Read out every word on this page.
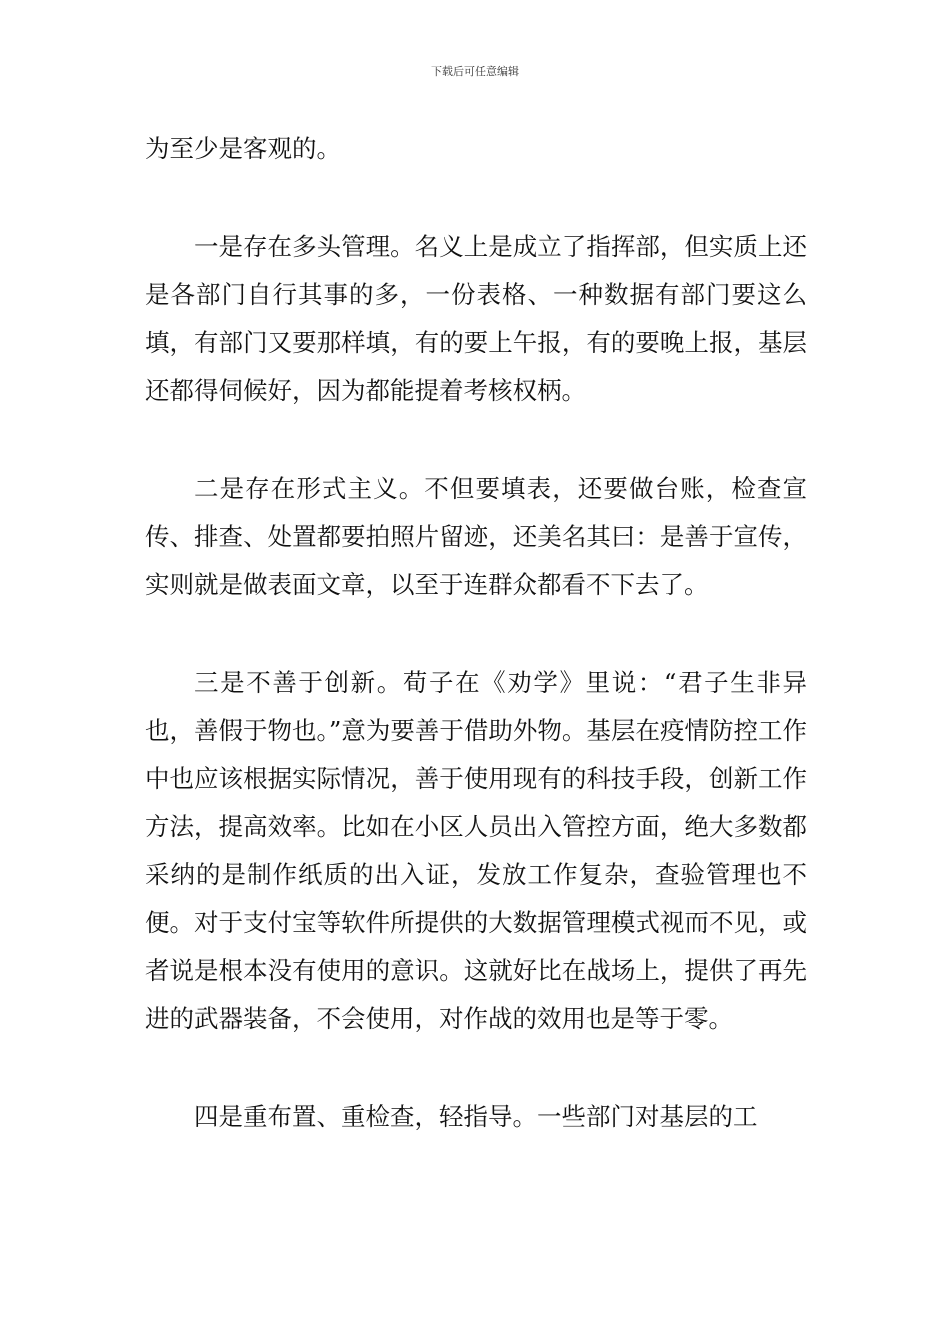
下载后可任意编辑

为至少是客观的。

一是存在多头管理。名义上是成立了指挥部，但实质上还是各部门自行其事的多，一份表格、一种数据有部门要这么填，有部门又要那样填，有的要上午报，有的要晚上报，基层还都得伺候好，因为都能提着考核权柄。

二是存在形式主义。不但要填表，还要做台账，检查宣传、排查、处置都要拍照片留迹，还美名其曰：是善于宣传，实则就是做表面文章，以至于连群众都看不下去了。

三是不善于创新。荀子在《劝学》里说：“君子生非异也，善假于物也。”意为要善于借助外物。基层在疫情防控工作中也应该根据实际情况，善于使用现有的科技手段，创新工作方法，提高效率。比如在小区人员出入管控方面，绝大多数都采纳的是制作纸质的出入证，发放工作复杂，查验管理也不便。对于支付宝等软件所提供的大数据管理模式视而不见，或者说是根本没有使用的意识。这就好比在战场上，提供了再先进的武器装备，不会使用，对作战的效用也是等于零。

四是重布置、重检查，轻指导。一些部门对基层的工
